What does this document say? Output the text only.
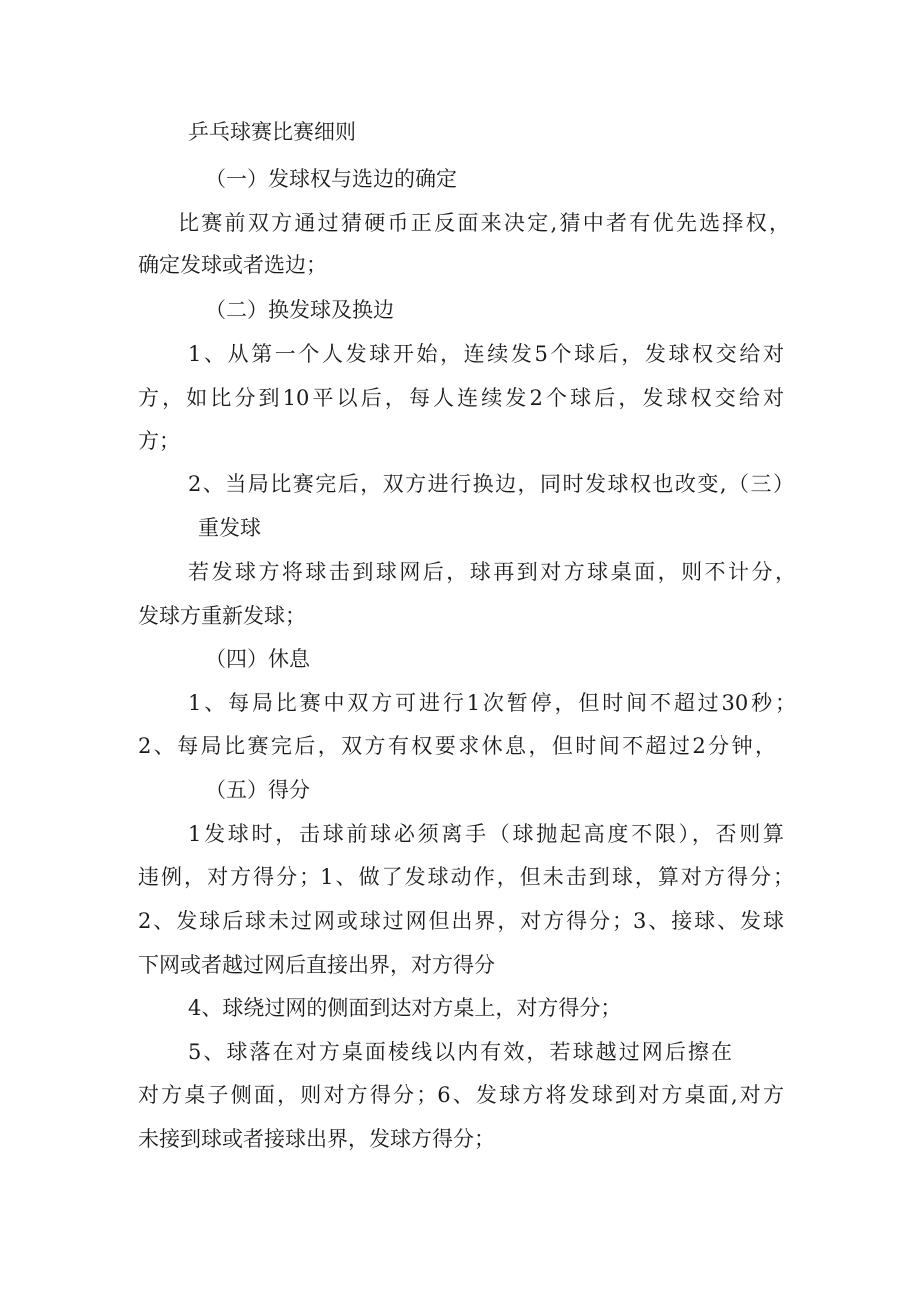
乒乓球赛比赛细则

（一）发球权与选边的确定

比赛前双方通过猜硬币正反面来决定,猜中者有优先选择权，

确定发球或者选边；

（二）换发球及换边

1、从第一个人发球开始，连续发5个球后，发球权交给对

方，如比分到10平以后，每人连续发2个球后，发球权交给对

方；

2、当局比赛完后，双方进行换边，同时发球权也改变,（三）

重发球

若发球方将球击到球网后，球再到对方球桌面，则不计分，

发球方重新发球；

（四）休息

1、每局比赛中双方可进行1次暂停，但时间不超过30秒；

2、每局比赛完后，双方有权要求休息，但时间不超过2分钟，

（五）得分

1发球时，击球前球必须离手（球抛起高度不限），否则算

违例，对方得分；1、做了发球动作，但未击到球，算对方得分；

2、发球后球未过网或球过网但出界，对方得分；3、接球、发球

下网或者越过网后直接出界，对方得分

4、球绕过网的侧面到达对方桌上，对方得分；

5、球落在对方桌面棱线以内有效，若球越过网后擦在

对方桌子侧面，则对方得分；6、发球方将发球到对方桌面,对方

未接到球或者接球出界，发球方得分；
